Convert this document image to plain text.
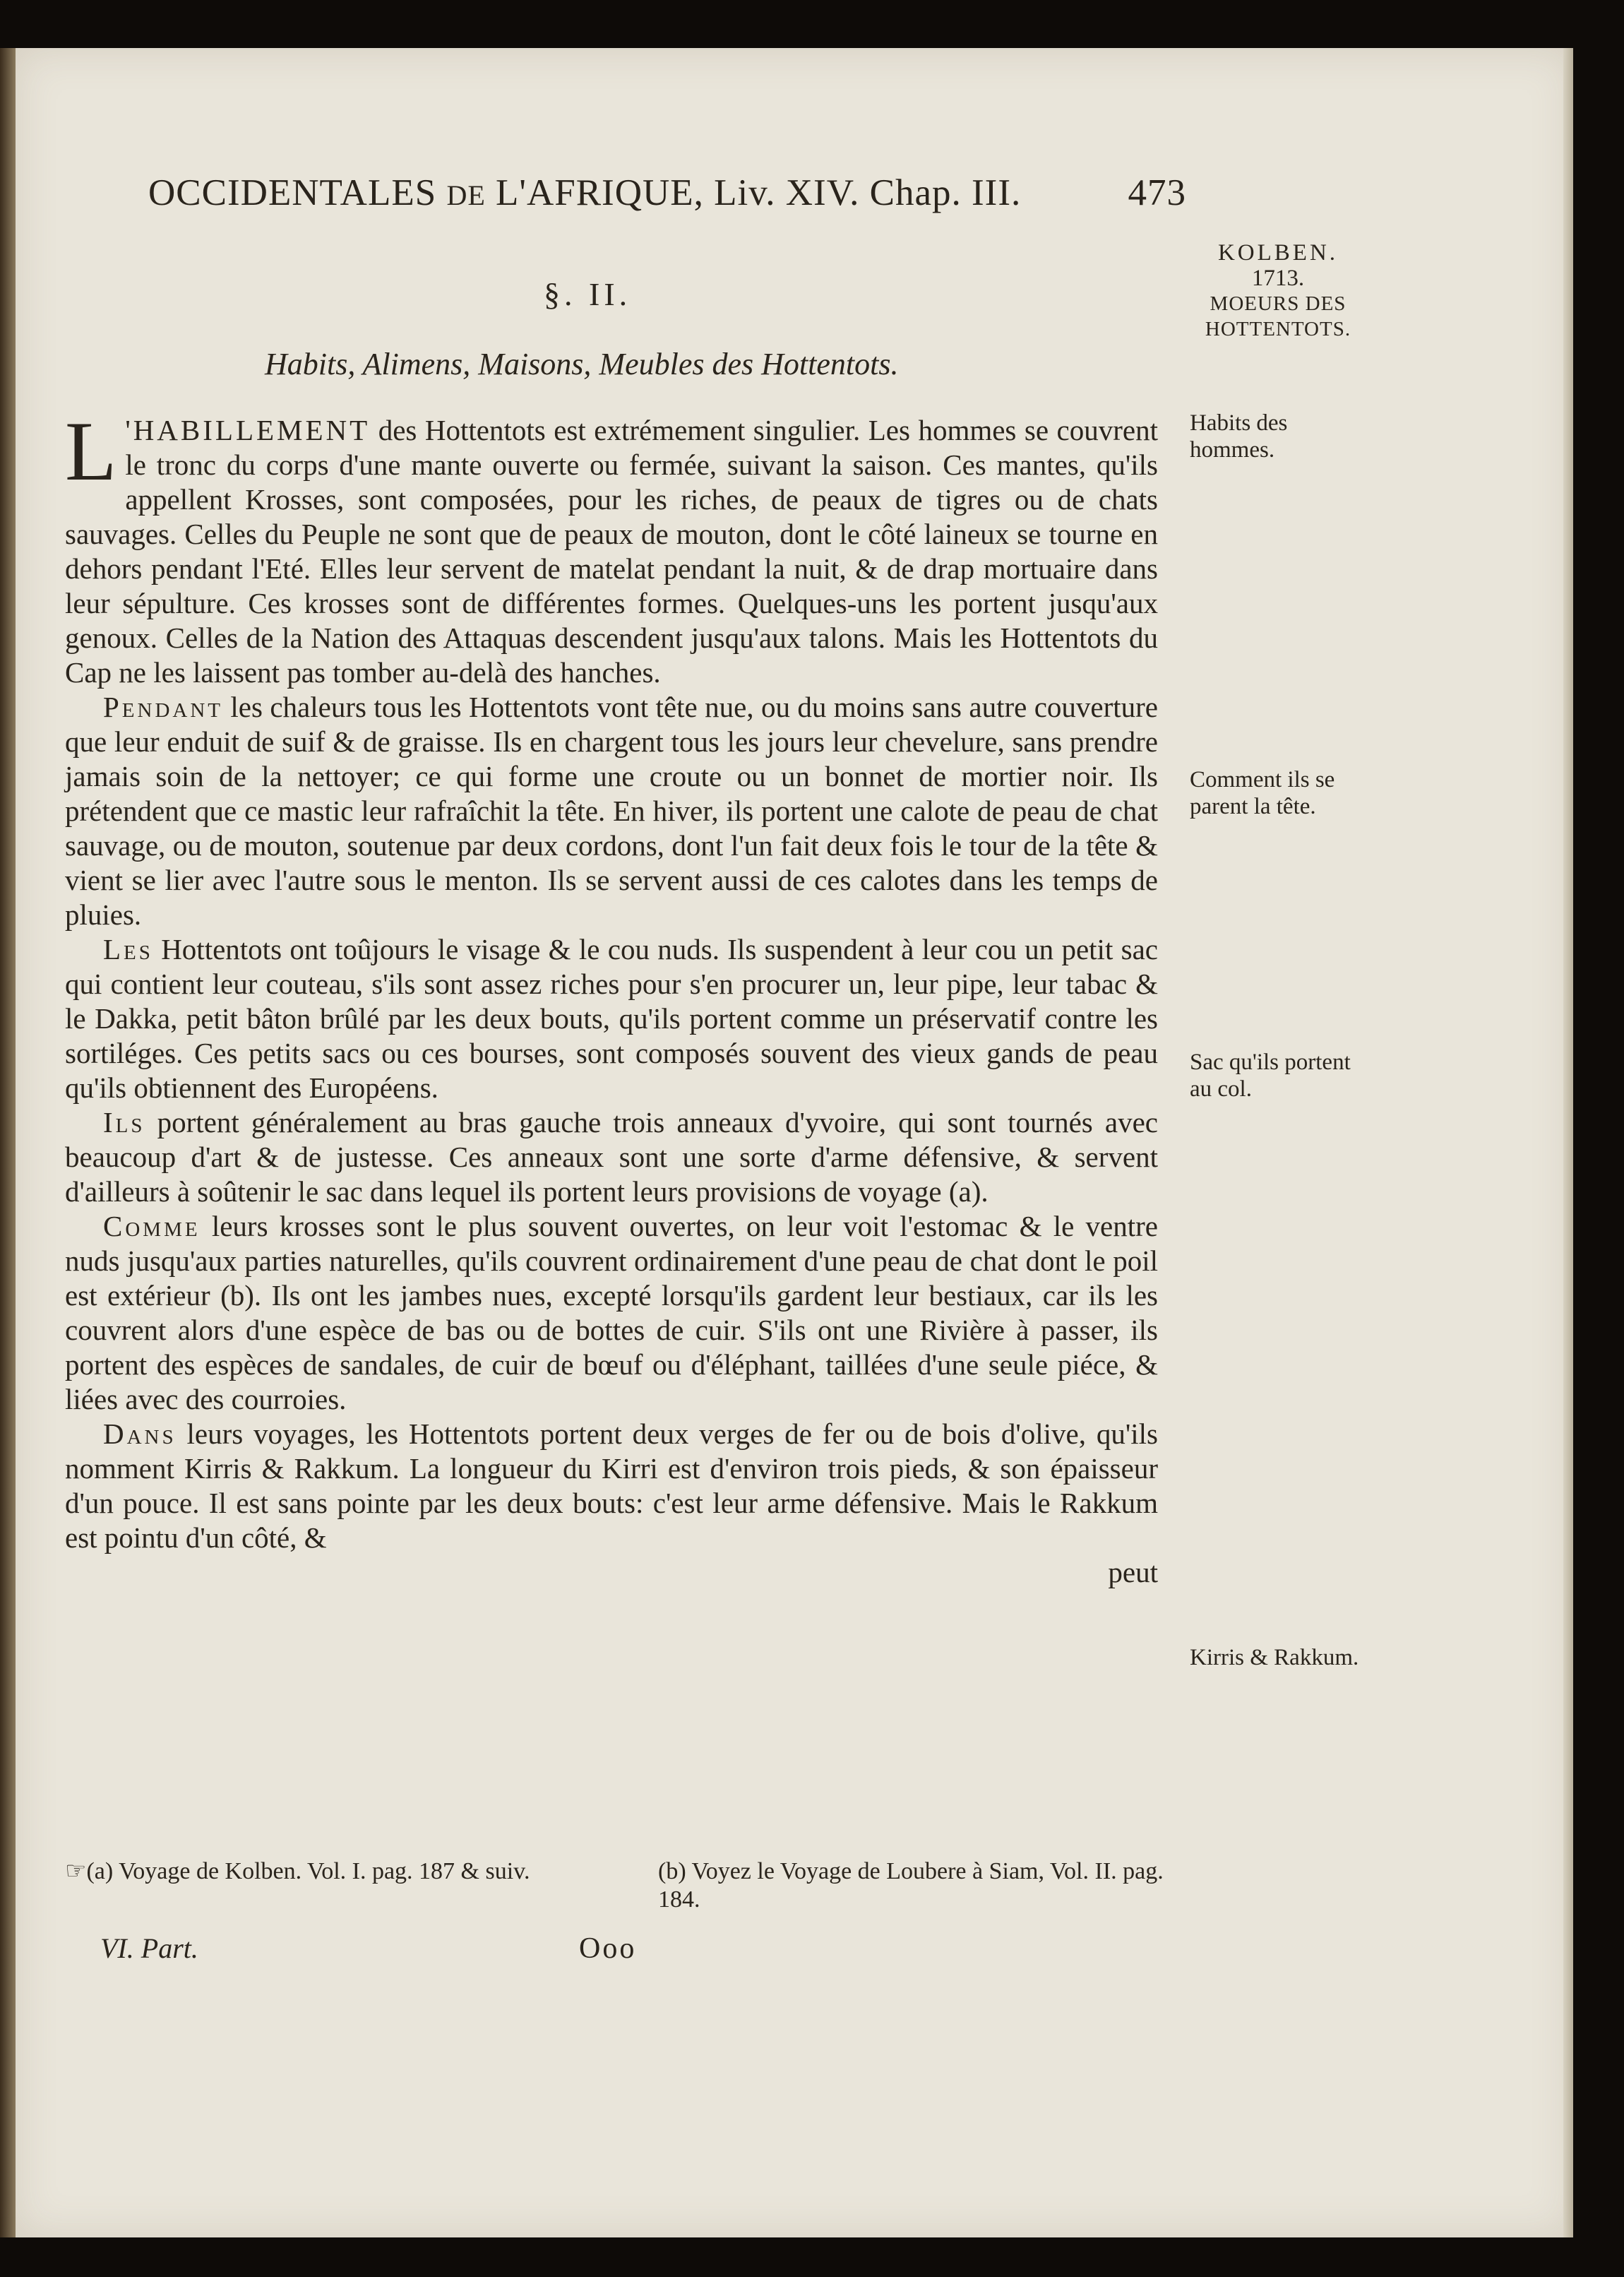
OCCIDENTALES DE L'AFRIQUE, Liv. XIV. Chap. III.	473
KOLBEN.
1713.
MOEURS DES HOTTENTOTS.
§. II.
Habits, Alimens, Maisons, Meubles des Hottentots.

L 'HABILLEMENT des Hottentots est extrémement singulier. Les hommes se couvrent le tronc du corps d'une mante ouverte ou fermée, suivant la saison. Ces mantes, qu'ils appellent Krosses, sont composées, pour les riches, de peaux de tigres ou de chats sauvages. Celles du Peuple ne sont que de peaux de mouton, dont le côté laineux se tourne en dehors pendant l'Eté. Elles leur servent de matelat pendant la nuit, & de drap mortuaire dans leur sépulture. Ces krosses sont de différentes formes. Quelques-uns les portent jusqu'aux genoux. Celles de la Nation des Attaquas descendent jusqu'aux talons. Mais les Hottentots du Cap ne les laissent pas tomber au-delà des hanches.

Pendant les chaleurs tous les Hottentots vont tête nue, ou du moins sans autre couverture que leur enduit de suif & de graisse. Ils en chargent tous les jours leur chevelure, sans prendre jamais soin de la nettoyer; ce qui forme une croute ou un bonnet de mortier noir. Ils prétendent que ce mastic leur rafraîchit la tête. En hiver, ils portent une calote de peau de chat sauvage, ou de mouton, soutenue par deux cordons, dont l'un fait deux fois le tour de la tête & vient se lier avec l'autre sous le menton. Ils se servent aussi de ces calotes dans les temps de pluies.

Les Hottentots ont toûjours le visage & le cou nuds. Ils suspendent à leur cou un petit sac qui contient leur couteau, s'ils sont assez riches pour s'en procurer un, leur pipe, leur tabac & le Dakka, petit bâton brûlé par les deux bouts, qu'ils portent comme un préservatif contre les sortiléges. Ces petits sacs ou ces bourses, sont composés souvent des vieux gands de peau qu'ils obtiennent des Européens.

Ils portent généralement au bras gauche trois anneaux d'yvoire, qui sont tournés avec beaucoup d'art & de justesse. Ces anneaux sont une sorte d'arme défensive, & servent d'ailleurs à soûtenir le sac dans lequel ils portent leurs provisions de voyage (a).

Comme leurs krosses sont le plus souvent ouvertes, on leur voit l'estomac & le ventre nuds jusqu'aux parties naturelles, qu'ils couvrent ordinairement d'une peau de chat dont le poil est extérieur (b). Ils ont les jambes nues, excepté lorsqu'ils gardent leur bestiaux, car ils les couvrent alors d'une espèce de bas ou de bottes de cuir. S'ils ont une Rivière à passer, ils portent des espèces de sandales, de cuir de bœuf ou d'éléphant, taillées d'une seule piéce, & liées avec des courroies.

Dans leurs voyages, les Hottentots portent deux verges de fer ou de bois d'olive, qu'ils nomment Kirris & Rakkum. La longueur du Kirri est d'environ trois pieds, & son épaisseur d'un pouce. Il est sans pointe par les deux bouts: c'est leur arme défensive. Mais le Rakkum est pointu d'un côté, &

peut
Habits des hommes.
Comment ils se parent la tête.
Sac qu'ils portent au col.
Kirris & Rakkum.
☞(a) Voyage de Kolben. Vol. I. pag. 187 & suiv.	(b) Voyez le Voyage de Loubere à Siam, Vol. II. pag. 184.
VI. Part.	Ooo
